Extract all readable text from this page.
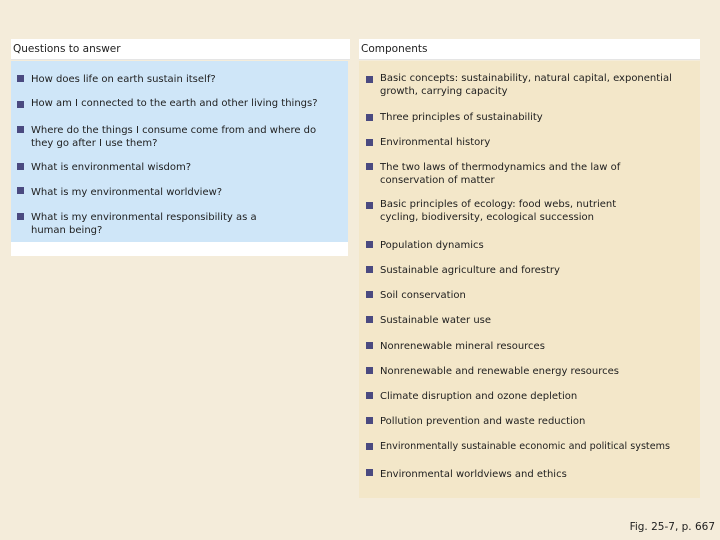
Questions to answer
How does life on earth sustain itself?
How am I connected to the earth and other living things?
Where do the things I consume come from and where do they go after I use them?
What is environmental wisdom?
What is my environmental worldview?
What is my environmental responsibility as a human being?
Components
Basic concepts: sustainability, natural capital, exponential growth, carrying capacity
Three principles of sustainability
Environmental history
The two laws of thermodynamics and the law of conservation of matter
Basic principles of ecology: food webs, nutrient cycling, biodiversity, ecological succession
Population dynamics
Sustainable agriculture and forestry
Soil conservation
Sustainable water use
Nonrenewable mineral resources
Nonrenewable and renewable energy resources
Climate disruption and ozone depletion
Pollution prevention and waste reduction
Environmentally sustainable economic and political systems
Environmental worldviews and ethics
Fig. 25-7, p. 667
